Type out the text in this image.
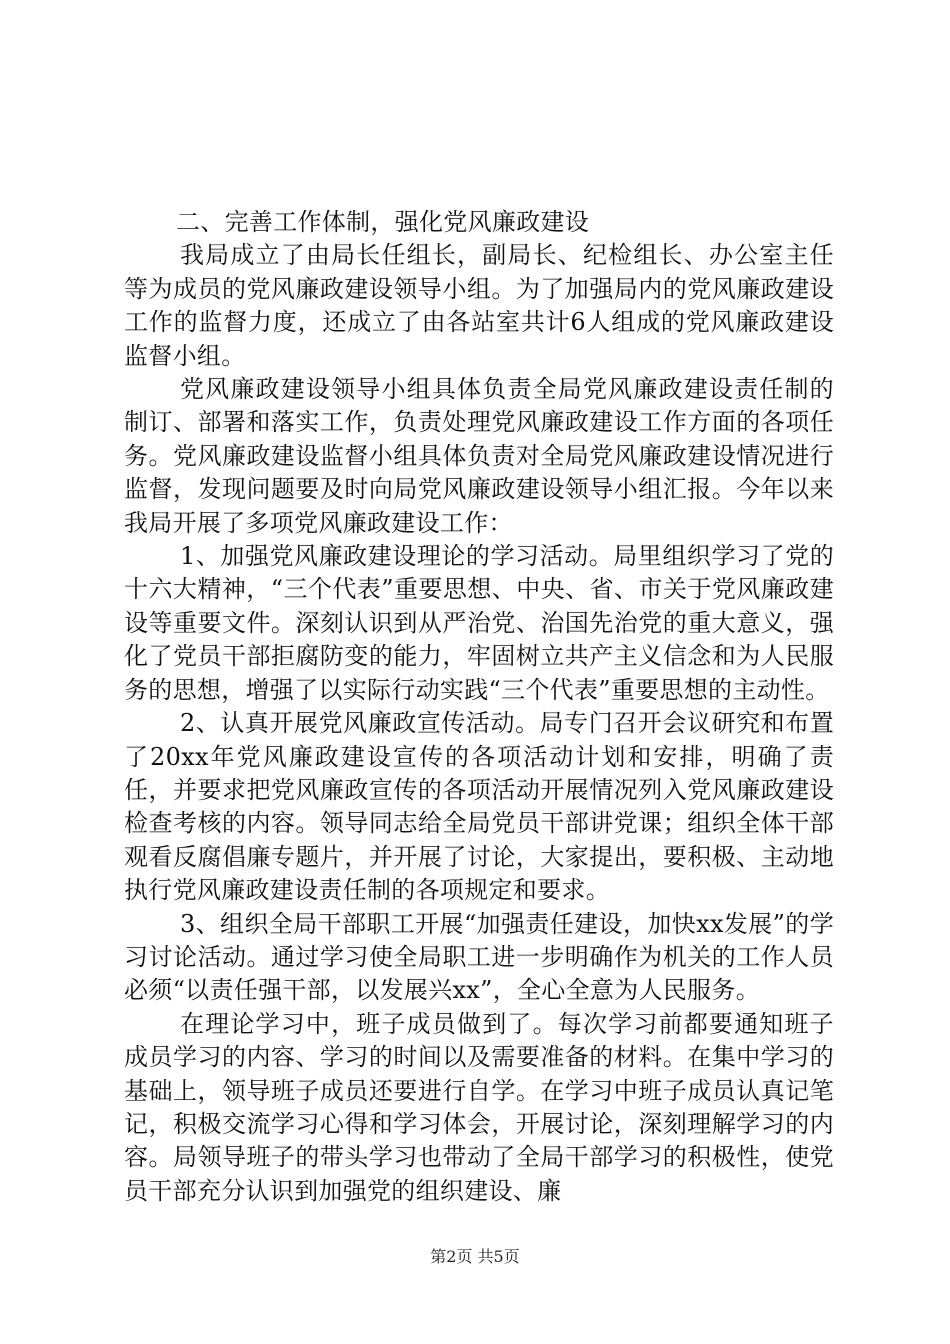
二、完善工作体制，强化党风廉政建设

我局成立了由局长任组长，副局长、纪检组长、办公室主任等为成员的党风廉政建设领导小组。为了加强局内的党风廉政建设工作的监督力度，还成立了由各站室共计6人组成的党风廉政建设监督小组。

党风廉政建设领导小组具体负责全局党风廉政建设责任制的制订、部署和落实工作，负责处理党风廉政建设工作方面的各项任务。党风廉政建设监督小组具体负责对全局党风廉政建设情况进行监督，发现问题要及时向局党风廉政建设领导小组汇报。今年以来我局开展了多项党风廉政建设工作：

1、加强党风廉政建设理论的学习活动。局里组织学习了党的十六大精神，“三个代表”重要思想、中央、省、市关于党风廉政建设等重要文件。深刻认识到从严治党、治国先治党的重大意义，强化了党员干部拒腐防变的能力，牢固树立共产主义信念和为人民服务的思想，增强了以实际行动实践“三个代表”重要思想的主动性。

2、认真开展党风廉政宣传活动。局专门召开会议研究和布置了20xx年党风廉政建设宣传的各项活动计划和安排，明确了责任，并要求把党风廉政宣传的各项活动开展情况列入党风廉政建设检查考核的内容。领导同志给全局党员干部讲党课；组织全体干部观看反腐倡廉专题片，并开展了讨论，大家提出，要积极、主动地执行党风廉政建设责任制的各项规定和要求。

3、组织全局干部职工开展“加强责任建设，加快xx发展”的学习讨论活动。通过学习使全局职工进一步明确作为机关的工作人员必须“以责任强干部，以发展兴xx”，全心全意为人民服务。

在理论学习中，班子成员做到了。每次学习前都要通知班子成员学习的内容、学习的时间以及需要准备的材料。在集中学习的基础上，领导班子成员还要进行自学。在学习中班子成员认真记笔记，积极交流学习心得和学习体会，开展讨论，深刻理解学习的内容。局领导班子的带头学习也带动了全局干部学习的积极性，使党员干部充分认识到加强党的组织建设、廉

第2页 共5页
